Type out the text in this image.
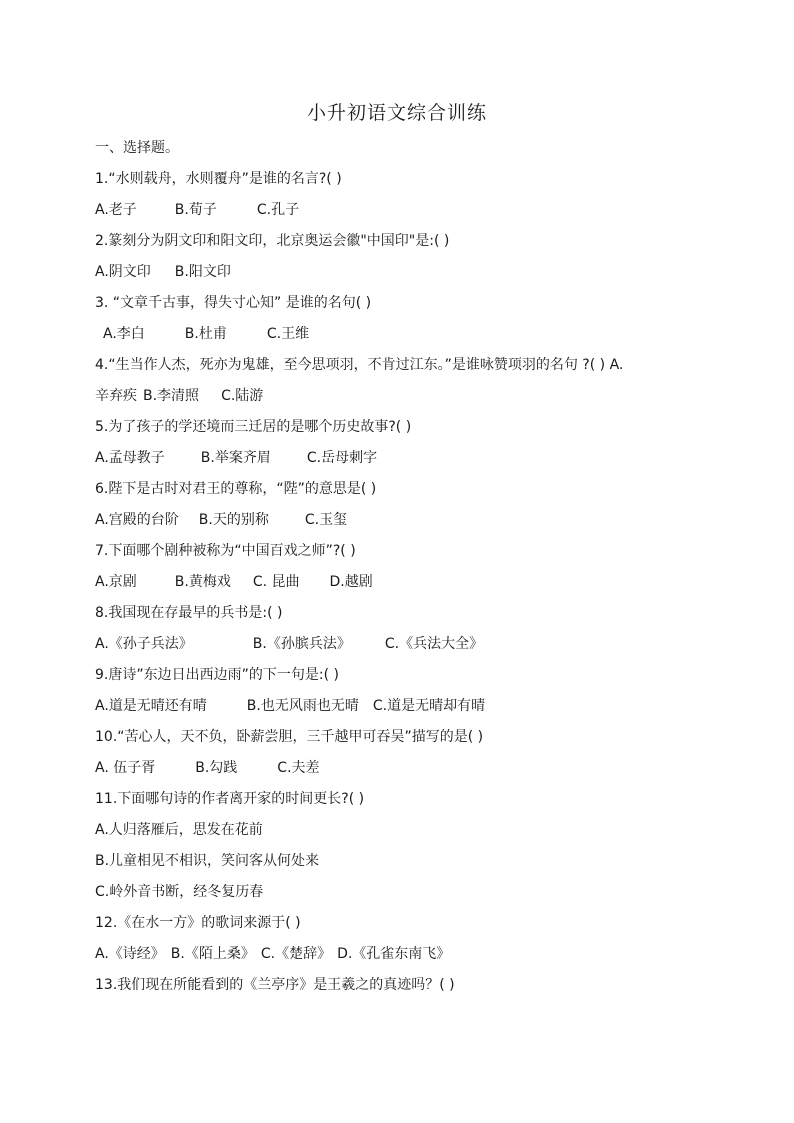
小升初语文综合训练
一、选择题。
1.“水则载舟，水则覆舟”是谁的名言?( )
A.老子	B.荀子	C.孔子
2.篆刻分为阴文印和阳文印，北京奥运会徽"中国印"是:( )
A.阴文印 B.阳文印
3. “文章千古事，得失寸心知” 是谁的名句( )
A.李白	B.杜甫	C.王维
4.“生当作人杰，死亦为鬼雄，至今思项羽，不肯过江东。”是谁咏赞项羽的名句 ?( ) A.
辛弃疾 B.李清照 C.陆游
5.为了孩子的学还境而三迁居的是哪个历史故事?( )
A.孟母教子	B.举案齐眉	C.岳母刺字
6.陛下是古时对君王的尊称，“陛”的意思是( )
A.宫殿的台阶 B.天的别称	C.玉玺
7.下面哪个剧种被称为“中国百戏之师”?( )
A.京剧	B.黄梅戏 C. 昆曲 D.越剧
8.我国现在存最早的兵书是:( )
A.《孙子兵法》	B.《孙膑兵法》 C.《兵法大全》
9.唐诗”东边日出西边雨”的下一句是:( )
A.道是无晴还有晴	B.也无风雨也无晴 C.道是无晴却有晴
10.“苦心人，天不负，卧薪尝胆，三千越甲可吞吴”描写的是( )
A. 伍子胥	B.勾践	C.夫差
11.下面哪句诗的作者离开家的时间更长?( )
A.人归落雁后，思发在花前
B.儿童相见不相识，笑问客从何处来
C.岭外音书断，经冬复历春
12.《在水一方》的歌词来源于( )
A.《诗经》 B.《陌上桑》 C.《楚辞》 D.《孔雀东南飞》
13.我们现在所能看到的《兰亭序》是王羲之的真迹吗？( )
